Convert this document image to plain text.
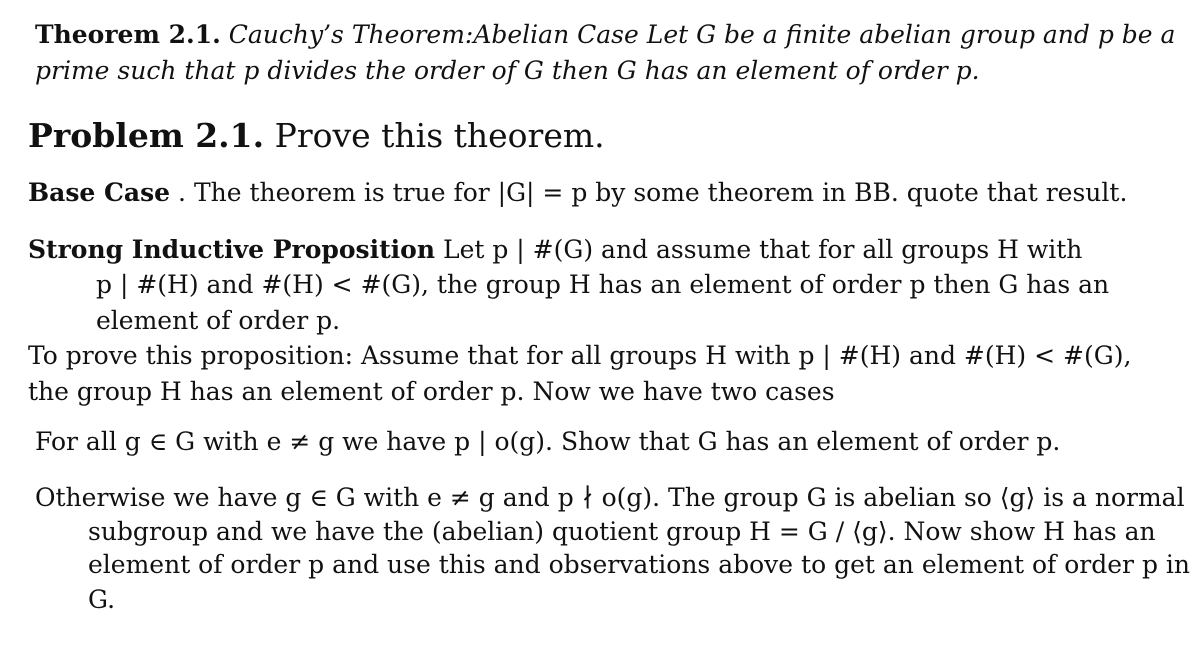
Theorem 2.1. Cauchy’s Theorem:Abelian Case Let G be a finite abelian group and p be a
prime such that p divides the order of G then G has an element of order p.
Problem 2.1. Prove this theorem.
Base Case . The theorem is true for |G| = p by some theorem in BB. quote that result.
Strong Inductive Proposition Let p | #(G) and assume that for all groups H with
p | #(H) and #(H) < #(G), the group H has an element of order p then G has an
element of order p.
To prove this proposition: Assume that for all groups H with p | #(H) and #(H) < #(G),
the group H has an element of order p. Now we have two cases
For all g ∈ G with e ≠ g we have p | o(g). Show that G has an element of order p.
Otherwise we have g ∈ G with e ≠ g and p ∤ o(g). The group G is abelian so ⟨g⟩ is a normal
subgroup and we have the (abelian) quotient group H = G / ⟨g⟩. Now show H has an
element of order p and use this and observations above to get an element of order p in
G.
